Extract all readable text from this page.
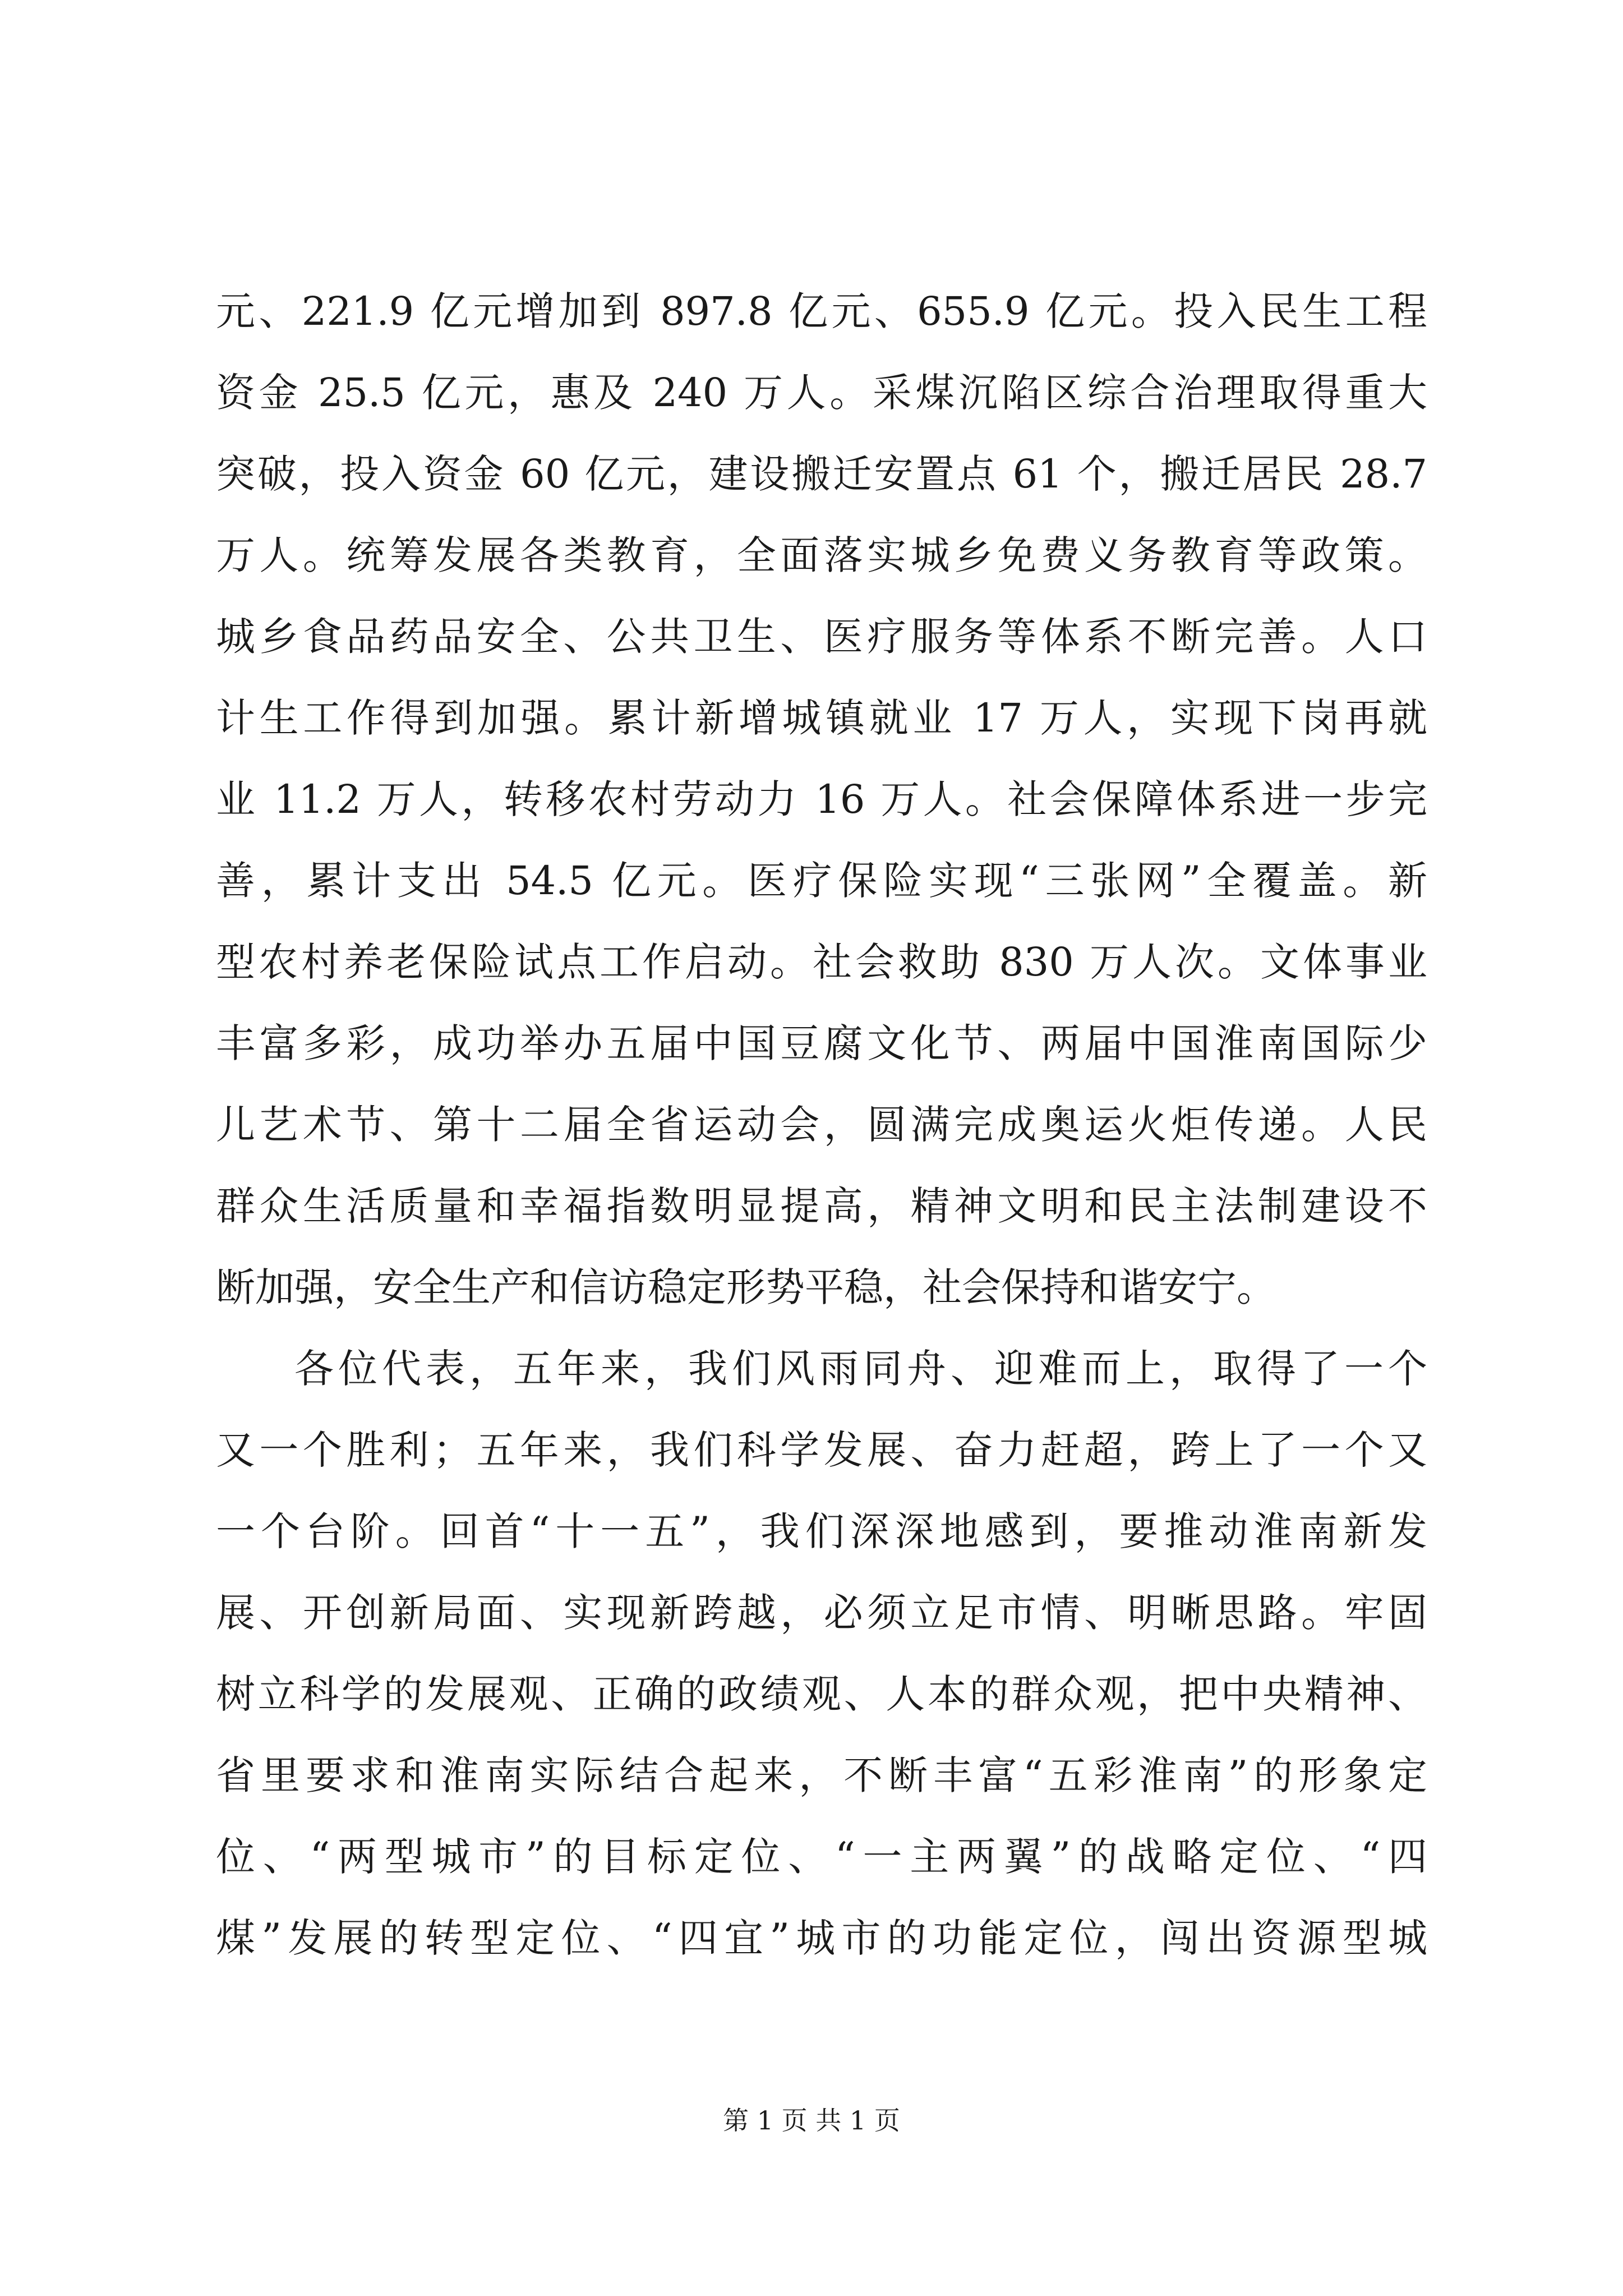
元、221.9 亿元增加到 897.8 亿元、655.9 亿元。投入民生工程
资金 25.5 亿元，惠及 240 万人。采煤沉陷区综合治理取得重大
突破，投入资金 60 亿元，建设搬迁安置点 61 个，搬迁居民 28.7
万人。统筹发展各类教育，全面落实城乡免费义务教育等政策。
城乡食品药品安全、公共卫生、医疗服务等体系不断完善。人口
计生工作得到加强。累计新增城镇就业 17 万人，实现下岗再就
业 11.2 万人，转移农村劳动力 16 万人。社会保障体系进一步完
善，累计支出 54.5 亿元。医疗保险实现“三张网”全覆盖。新
型农村养老保险试点工作启动。社会救助 830 万人次。文体事业
丰富多彩，成功举办五届中国豆腐文化节、两届中国淮南国际少
儿艺术节、第十二届全省运动会，圆满完成奥运火炬传递。人民
群众生活质量和幸福指数明显提高，精神文明和民主法制建设不
断加强，安全生产和信访稳定形势平稳，社会保持和谐安宁。
各位代表，五年来，我们风雨同舟、迎难而上，取得了一个
又一个胜利；五年来，我们科学发展、奋力赶超，跨上了一个又
一个台阶。回首“十一五”，我们深深地感到，要推动淮南新发
展、开创新局面、实现新跨越，必须立足市情、明晰思路。牢固
树立科学的发展观、正确的政绩观、人本的群众观，把中央精神、
省里要求和淮南实际结合起来，不断丰富“五彩淮南”的形象定
位、“两型城市”的目标定位、“一主两翼”的战略定位、“四
煤”发展的转型定位、“四宜”城市的功能定位，闯出资源型城
第 1 页 共 1 页
